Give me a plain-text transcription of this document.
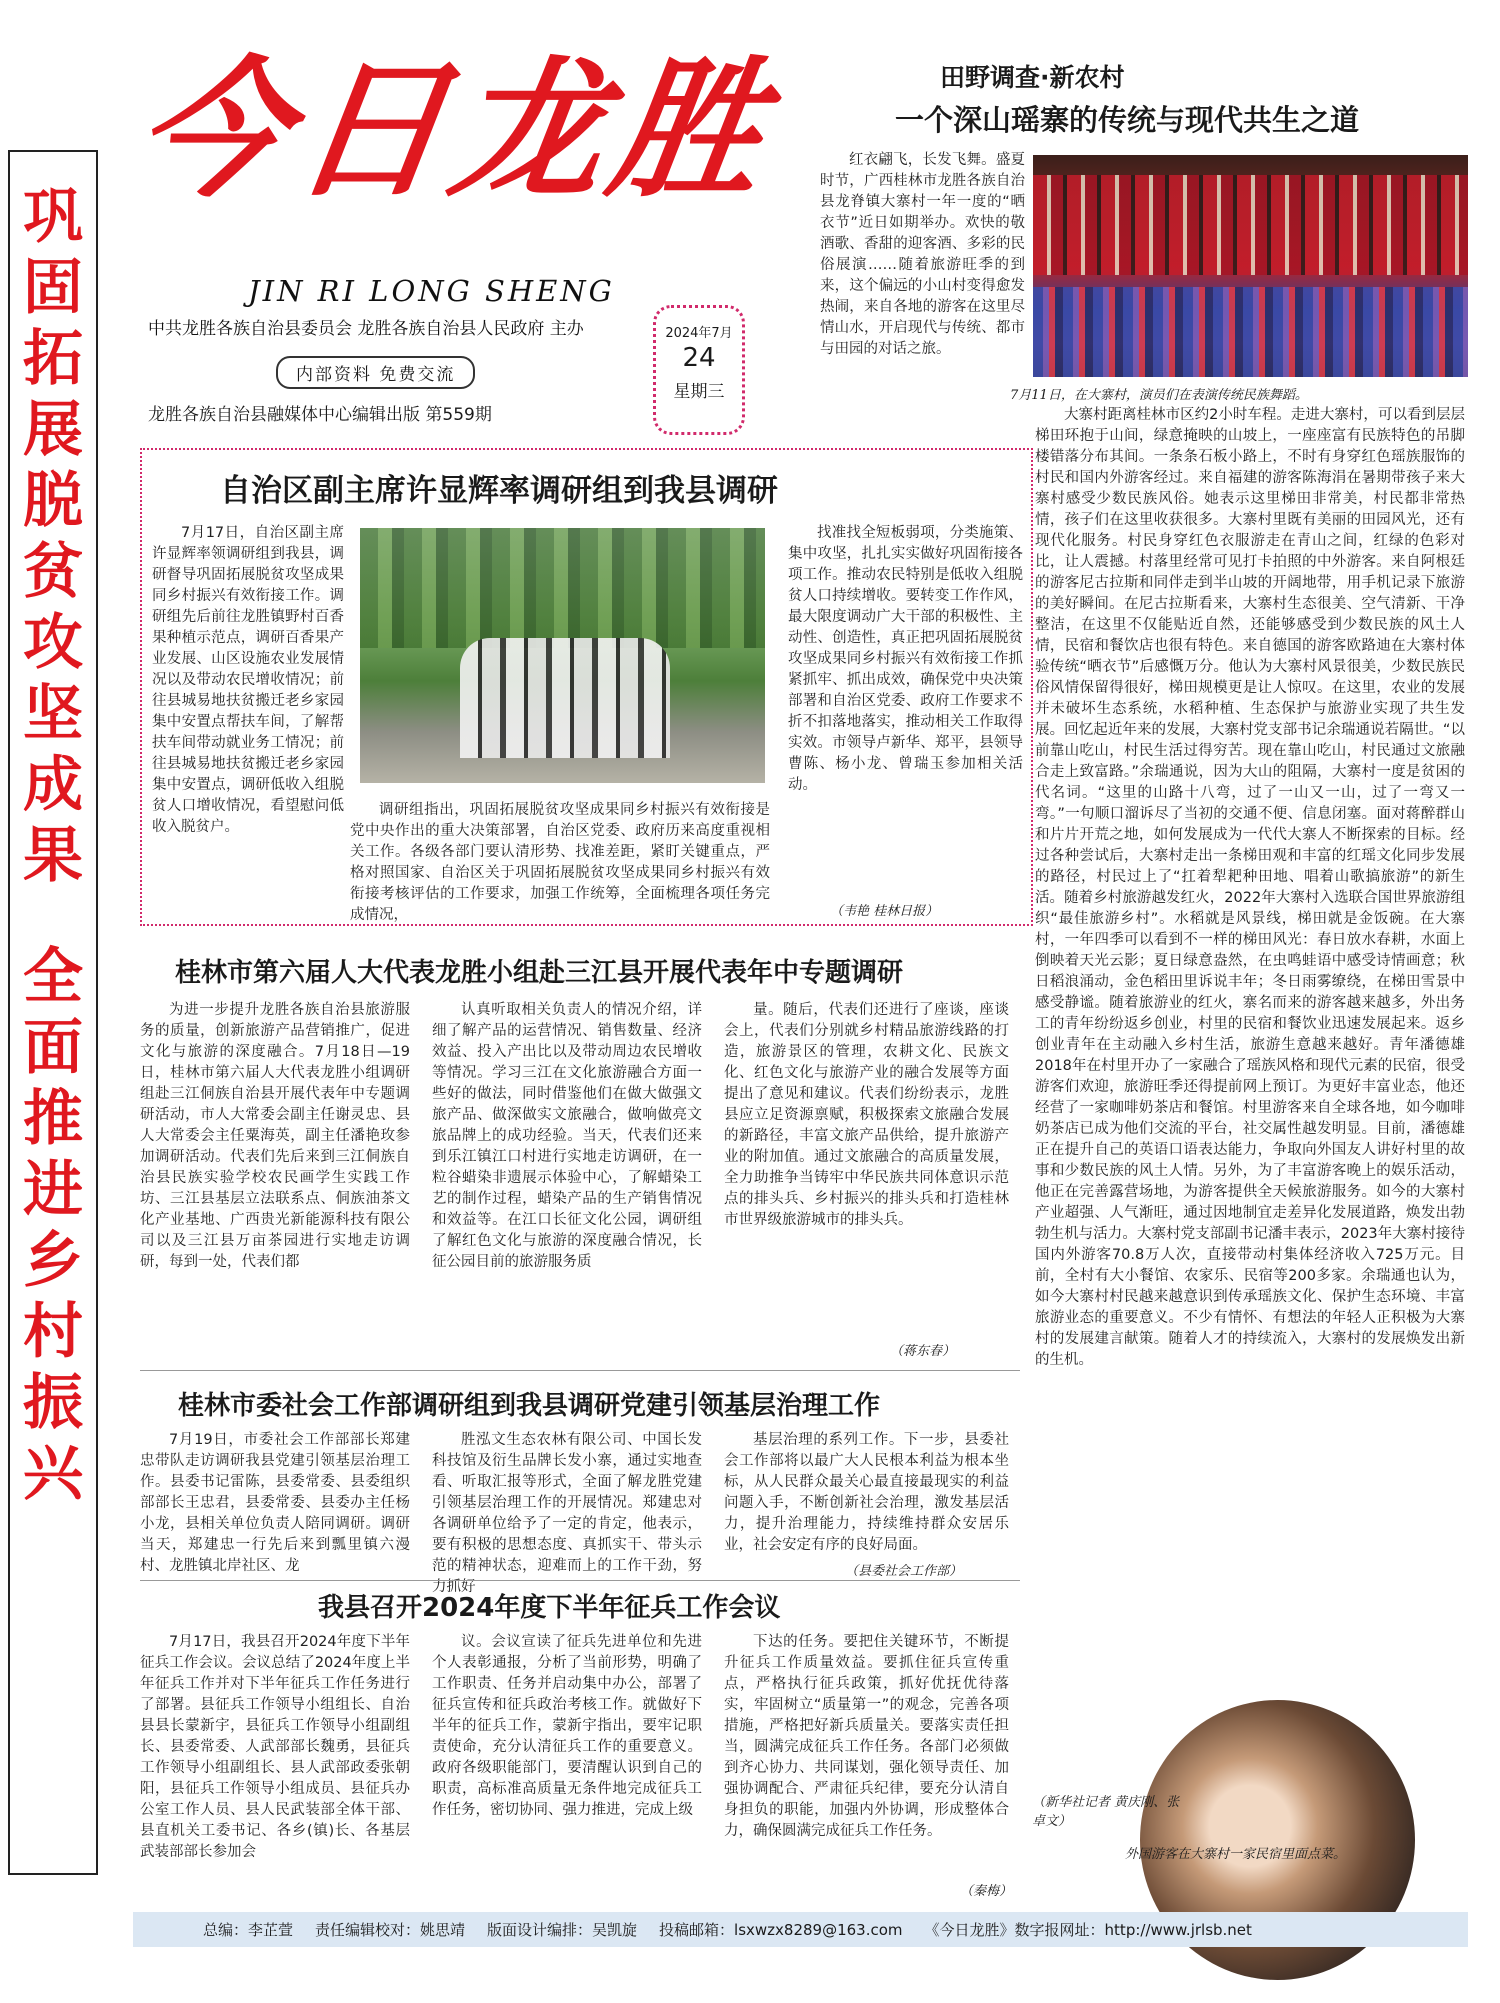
巩
固
拓
展
脱
贫
攻
坚
成
果
全
面
推
进
乡
村
振
兴
今日龙胜
JIN RI LONG SHENG
中共龙胜各族自治县委员会 龙胜各族自治县人民政府 主办
内部资料 免费交流
龙胜各族自治县融媒体中心编辑出版 第559期
2024年7月
24
星期三
田野调查·新农村
一个深山瑶寨的传统与现代共生之道

红衣翩飞，长发飞舞。盛夏时节，广西桂林市龙胜各族自治县龙脊镇大寨村一年一度的“晒衣节”近日如期举办。欢快的敬酒歌、香甜的迎客酒、多彩的民俗展演……随着旅游旺季的到来，这个偏远的小山村变得愈发热闹，来自各地的游客在这里尽情山水，开启现代与传统、都市与田园的对话之旅。

7月11日，在大寨村，演员们在表演传统民族舞蹈。

大寨村距离桂林市区约2小时车程。走进大寨村，可以看到层层梯田环抱于山间，绿意掩映的山坡上，一座座富有民族特色的吊脚楼错落分布其间。一条条石板小路上，不时有身穿红色瑶族服饰的村民和国内外游客经过。来自福建的游客陈海涓在暑期带孩子来大寨村感受少数民族风俗。她表示这里梯田非常美，村民都非常热情，孩子们在这里收获很多。大寨村里既有美丽的田园风光，还有现代化服务。村民身穿红色衣服游走在青山之间，红绿的色彩对比，让人震撼。村落里经常可见打卡拍照的中外游客。来自阿根廷的游客尼古拉斯和同伴走到半山坡的开阔地带，用手机记录下旅游的美好瞬间。在尼古拉斯看来，大寨村生态很美、空气清新、干净整洁，在这里不仅能贴近自然，还能够感受到少数民族的风土人情，民宿和餐饮店也很有特色。来自德国的游客欧路迪在大寨村体验传统“晒衣节”后感慨万分。他认为大寨村风景很美，少数民族民俗风情保留得很好，梯田规模更是让人惊叹。在这里，农业的发展并未破坏生态系统，水稻种植、生态保护与旅游业实现了共生发展。回忆起近年来的发展，大寨村党支部书记余瑞通说若隔世。“以前靠山吃山，村民生活过得穷苦。现在靠山吃山，村民通过文旅融合走上致富路。”余瑞通说，因为大山的阻隔，大寨村一度是贫困的代名词。“这里的山路十八弯，过了一山又一山，过了一弯又一弯。”一句顺口溜诉尽了当初的交通不便、信息闭塞。面对蒋醉群山和片片开荒之地，如何发展成为一代代大寨人不断探索的目标。经过各种尝试后，大寨村走出一条梯田观和丰富的红瑶文化同步发展的路径，村民过上了“扛着犁耙种田地、唱着山歌搞旅游”的新生活。随着乡村旅游越发红火，2022年大寨村入选联合国世界旅游组织“最佳旅游乡村”。水稻就是风景线，梯田就是金饭碗。在大寨村，一年四季可以看到不一样的梯田风光：春日放水春耕，水面上倒映着天光云影；夏日绿意盎然，在虫鸣蛙语中感受诗情画意；秋日稻浪涌动，金色稻田里诉说丰年；冬日雨雾缭绕，在梯田雪景中感受静谧。随着旅游业的红火，寨名而来的游客越来越多，外出务工的青年纷纷返乡创业，村里的民宿和餐饮业迅速发展起来。返乡创业青年在主动融入乡村生活，旅游生意越来越好。青年潘德雄2018年在村里开办了一家融合了瑶族风格和现代元素的民宿，很受游客们欢迎，旅游旺季还得提前网上预订。为更好丰富业态，他还经营了一家咖啡奶茶店和餐馆。村里游客来自全球各地，如今咖啡奶茶店已成为他们交流的平台，社交属性越发明显。目前，潘德雄正在提升自己的英语口语表达能力，争取向外国友人讲好村里的故事和少数民族的风土人情。另外，为了丰富游客晚上的娱乐活动，他正在完善露营场地，为游客提供全天候旅游服务。如今的大寨村产业超强、人气渐旺，通过因地制宜走差异化发展道路，焕发出勃勃生机与活力。大寨村党支部副书记潘丰表示，2023年大寨村接待国内外游客70.8万人次，直接带动村集体经济收入725万元。目前，全村有大小餐馆、农家乐、民宿等200多家。余瑞通也认为，如今大寨村村民越来越意识到传承瑶族文化、保护生态环境、丰富旅游业态的重要意义。不少有情怀、有想法的年轻人正积极为大寨村的发展建言献策。随着人才的持续流入，大寨村的发展焕发出新的生机。

（新华社记者 黄庆刚、张卓文）
外国游客在大寨村一家民宿里面点菜。
自治区副主席许显辉率调研组到我县调研

7月17日，自治区副主席许显辉率领调研组到我县，调研督导巩固拓展脱贫攻坚成果同乡村振兴有效衔接工作。调研组先后前往龙胜镇野村百香果种植示范点，调研百香果产业发展、山区设施农业发展情况以及带动农民增收情况；前往县城易地扶贫搬迁老乡家园集中安置点帮扶车间，了解帮扶车间带动就业务工情况；前往县城易地扶贫搬迁老乡家园集中安置点，调研低收入组脱贫人口增收情况，看望慰问低收入脱贫户。

调研组指出，巩固拓展脱贫攻坚成果同乡村振兴有效衔接是党中央作出的重大决策部署，自治区党委、政府历来高度重视相关工作。各级各部门要认清形势、找准差距，紧盯关键重点，严格对照国家、自治区关于巩固拓展脱贫攻坚成果同乡村振兴有效衔接考核评估的工作要求，加强工作统筹，全面梳理各项任务完成情况，

找准找全短板弱项，分类施策、集中攻坚，扎扎实实做好巩固衔接各项工作。推动农民特别是低收入组脱贫人口持续增收。要转变工作作风，最大限度调动广大干部的积极性、主动性、创造性，真正把巩固拓展脱贫攻坚成果同乡村振兴有效衔接工作抓紧抓牢、抓出成效，确保党中央决策部署和自治区党委、政府工作要求不折不扣落地落实，推动相关工作取得实效。市领导卢新华、郑平，县领导曹陈、杨小龙、曾瑞玉参加相关活动。

（韦艳 桂林日报）
桂林市第六届人大代表龙胜小组赴三江县开展代表年中专题调研

为进一步提升龙胜各族自治县旅游服务的质量，创新旅游产品营销推广，促进文化与旅游的深度融合。7月18日—19日，桂林市第六届人大代表龙胜小组调研组赴三江侗族自治县开展代表年中专题调研活动，市人大常委会副主任谢灵忠、县人大常委会主任粟海英，副主任潘艳玫参加调研活动。代表们先后来到三江侗族自治县民族实验学校农民画学生实践工作坊、三江县基层立法联系点、侗族油茶文化产业基地、广西贵光新能源科技有限公司以及三江县万亩茶园进行实地走访调研，每到一处，代表们都

认真听取相关负责人的情况介绍，详细了解产品的运营情况、销售数量、经济效益、投入产出比以及带动周边农民增收等情况。学习三江在文化旅游融合方面一些好的做法，同时借鉴他们在做大做强文旅产品、做深做实文旅融合，做响做亮文旅品牌上的成功经验。当天，代表们还来到乐江镇江口村进行实地走访调研，在一粒谷蜡染非遗展示体验中心，了解蜡染工艺的制作过程，蜡染产品的生产销售情况和效益等。在江口长征文化公园，调研组了解红色文化与旅游的深度融合情况，长征公园目前的旅游服务质

量。随后，代表们还进行了座谈，座谈会上，代表们分别就乡村精品旅游线路的打造，旅游景区的管理，农耕文化、民族文化、红色文化与旅游产业的融合发展等方面提出了意见和建议。代表们纷纷表示，龙胜县应立足资源禀赋，积极探索文旅融合发展的新路径，丰富文旅产品供给，提升旅游产业的附加值。通过文旅融合的高质量发展，全力助推争当铸牢中华民族共同体意识示范点的排头兵、乡村振兴的排头兵和打造桂林市世界级旅游城市的排头兵。

（蒋东春）
桂林市委社会工作部调研组到我县调研党建引领基层治理工作

7月19日，市委社会工作部部长郑建忠带队走访调研我县党建引领基层治理工作。县委书记雷陈，县委常委、县委组织部部长王忠君，县委常委、县委办主任杨小龙，县相关单位负责人陪同调研。调研当天，郑建忠一行先后来到瓢里镇六漫村、龙胜镇北岸社区、龙

胜泓文生态农林有限公司、中国长发科技馆及衍生品牌长发小寨，通过实地查看、听取汇报等形式，全面了解龙胜党建引领基层治理工作的开展情况。郑建忠对各调研单位给予了一定的肯定，他表示，要有积极的思想态度、真抓实干、带头示范的精神状态，迎难而上的工作干劲，努力抓好

基层治理的系列工作。下一步，县委社会工作部将以最广大人民根本利益为根本坐标，从人民群众最关心最直接最现实的利益问题入手，不断创新社会治理，激发基层活力，提升治理能力，持续维持群众安居乐业，社会安定有序的良好局面。

（县委社会工作部）
我县召开2024年度下半年征兵工作会议

7月17日，我县召开2024年度下半年征兵工作会议。会议总结了2024年度上半年征兵工作并对下半年征兵工作任务进行了部署。县征兵工作领导小组组长、自治县县长蒙新宇，县征兵工作领导小组副组长、县委常委、人武部部长魏勇，县征兵工作领导小组副组长、县人武部政委张朝阳，县征兵工作领导小组成员、县征兵办公室工作人员、县人民武装部全体干部、县直机关工委书记、各乡(镇)长、各基层武装部部长参加会

议。会议宣读了征兵先进单位和先进个人表彰通报，分析了当前形势，明确了工作职责、任务并启动集中办公，部署了征兵宣传和征兵政治考核工作。就做好下半年的征兵工作，蒙新宇指出，要牢记职责使命，充分认清征兵工作的重要意义。政府各级职能部门，要清醒认识到自己的职责，高标准高质量无条件地完成征兵工作任务，密切协同、强力推进，完成上级

下达的任务。要把住关键环节，不断提升征兵工作质量效益。要抓住征兵宣传重点，严格执行征兵政策，抓好优抚优待落实，牢固树立“质量第一”的观念，完善各项措施，严格把好新兵质量关。要落实责任担当，圆满完成征兵工作任务。各部门必须做到齐心协力、共同谋划，强化领导责任、加强协调配合、严肃征兵纪律，要充分认清自身担负的职能，加强内外协调，形成整体合力，确保圆满完成征兵工作任务。

（秦梅）
总编：李芷萱 责任编辑校对：姚思靖 版面设计编排：吴凯旋 投稿邮箱：lsxwzx8289@163.com 《今日龙胜》数字报网址：http://www.jrlsb.net
